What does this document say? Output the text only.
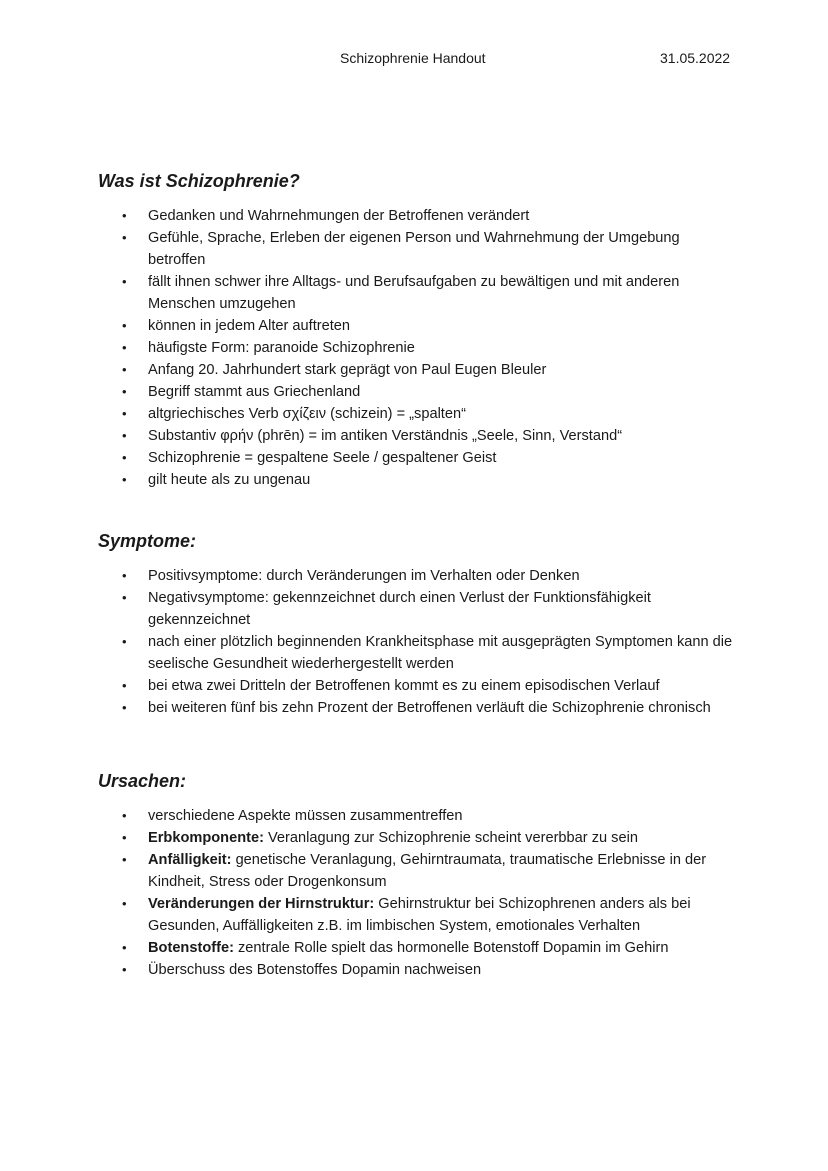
Schizophrenie Handout	31.05.2022
Was ist Schizophrenie?
• Gedanken und Wahrnehmungen der Betroffenen verändert
• Gefühle, Sprache, Erleben der eigenen Person und Wahrnehmung der Umgebung betroffen
• fällt ihnen schwer ihre Alltags- und Berufsaufgaben zu bewältigen und mit anderen Menschen umzugehen
• können in jedem Alter auftreten
• häufigste Form: paranoide Schizophrenie
• Anfang 20. Jahrhundert stark geprägt von Paul Eugen Bleuler
• Begriff stammt aus Griechenland
• altgriechisches Verb σχίζειν (schizein) = „spalten“
• Substantiv φρήν (phrēn) = im antiken Verständnis „Seele, Sinn, Verstand“
• Schizophrenie = gespaltene Seele / gespaltener Geist
• gilt heute als zu ungenau
Symptome:
• Positivsymptome: durch Veränderungen im Verhalten oder Denken
• Negativsymptome: gekennzeichnet durch einen Verlust der Funktionsfähigkeit gekennzeichnet
• nach einer plötzlich beginnenden Krankheitsphase mit ausgeprägten Symptomen kann die seelische Gesundheit wiederhergestellt werden
• bei etwa zwei Dritteln der Betroffenen kommt es zu einem episodischen Verlauf
• bei weiteren fünf bis zehn Prozent der Betroffenen verläuft die Schizophrenie chronisch
Ursachen:
• verschiedene Aspekte müssen zusammentreffen
• Erbkomponente: Veranlagung zur Schizophrenie scheint vererbbar zu sein
• Anfälligkeit: genetische Veranlagung, Gehirntraumata, traumatische Erlebnisse in der Kindheit, Stress oder Drogenkonsum
• Veränderungen der Hirnstruktur: Gehirnstruktur bei Schizophrenen anders als bei Gesunden, Auffälligkeiten z.B. im limbischen System, emotionales Verhalten
• Botenstoffe: zentrale Rolle spielt das hormonelle Botenstoff Dopamin im Gehirn
• Überschuss des Botenstoffes Dopamin nachweisen
